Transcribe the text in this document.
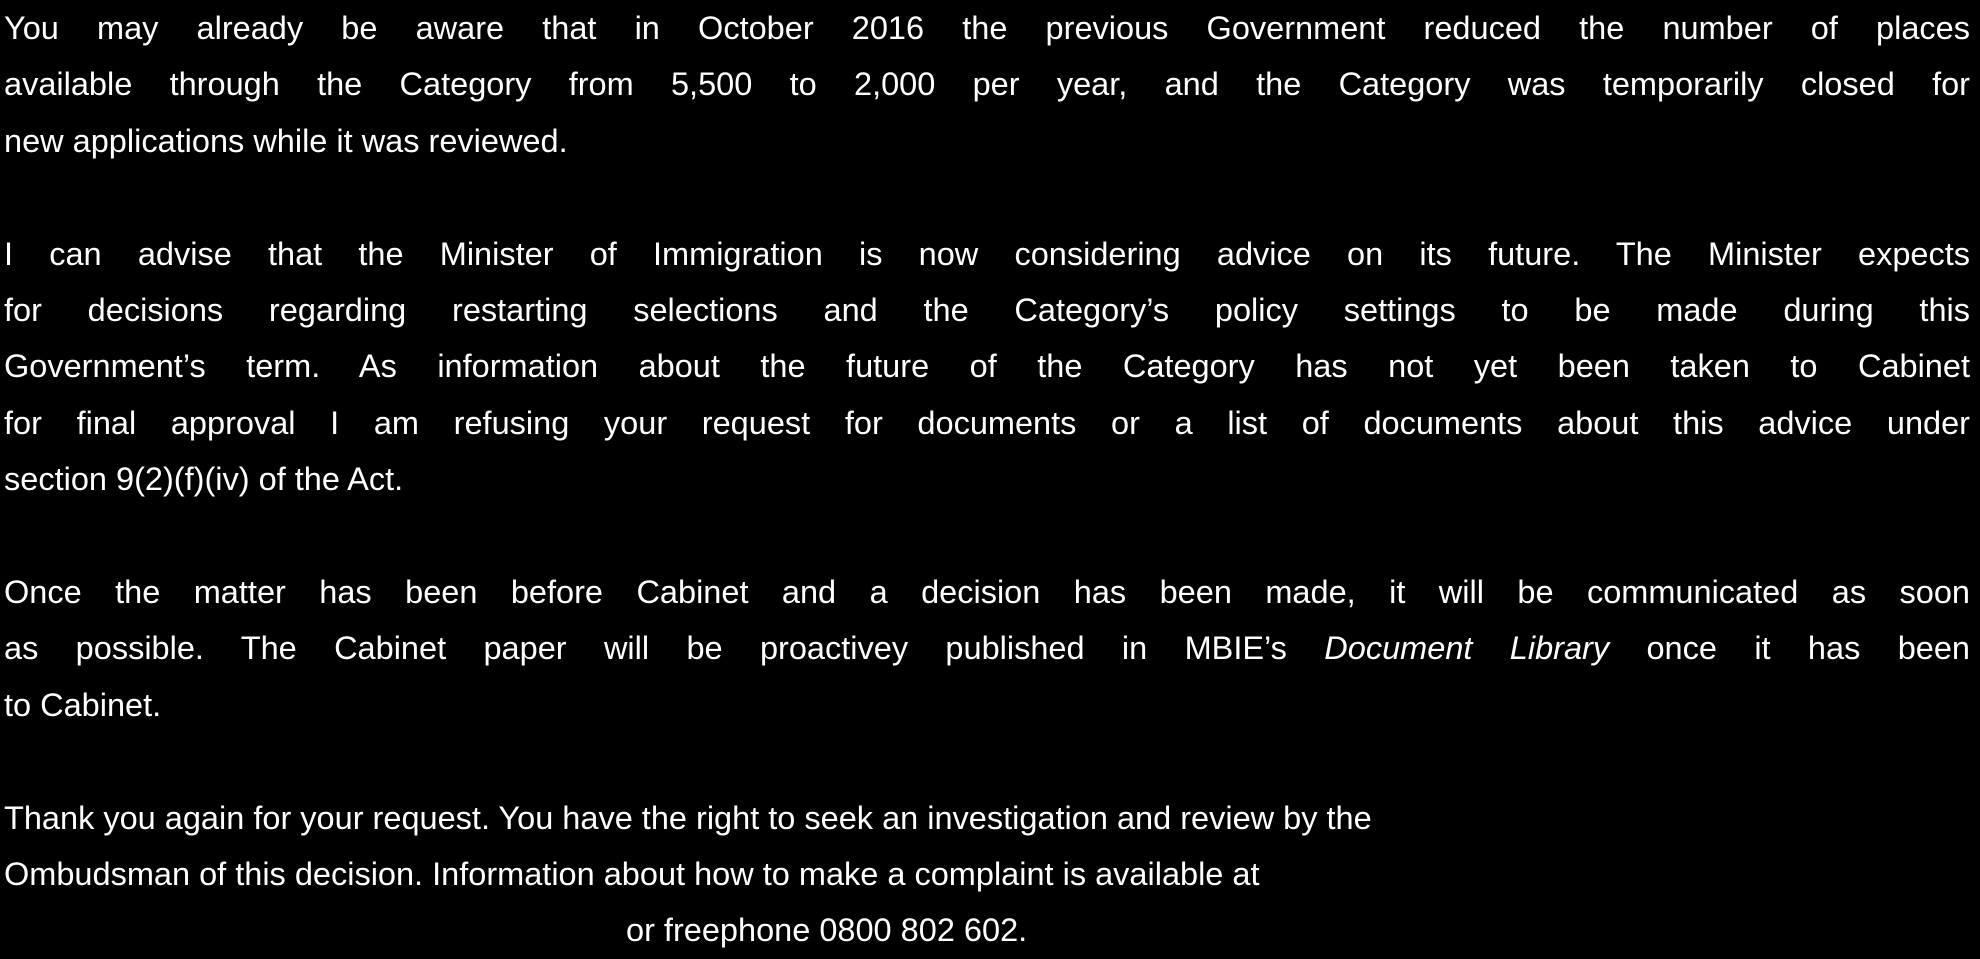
You may already be aware that in October 2016 the previous Government reduced the number of places
available through the Category from 5,500 to 2,000 per year, and the Category was temporarily closed for
new applications while it was reviewed.

I can advise that the Minister of Immigration is now considering advice on its future. The Minister expects
for decisions regarding restarting selections and the Category’s policy settings to be made during this
Government’s term. As information about the future of the Category has not yet been taken to Cabinet
for final approval I am refusing your request for documents or a list of documents about this advice under
section 9(2)(f)(iv) of the Act.

Once the matter has been before Cabinet and a decision has been made, it will be communicated as soon
as possible. The Cabinet paper will be proactivey published in MBIE’s Document Library once it has been
to Cabinet.

Thank you again for your request. You have the right to seek an investigation and review by the
Ombudsman of this decision. Information about how to make a complaint is available at
or freephone 0800 802 602.
